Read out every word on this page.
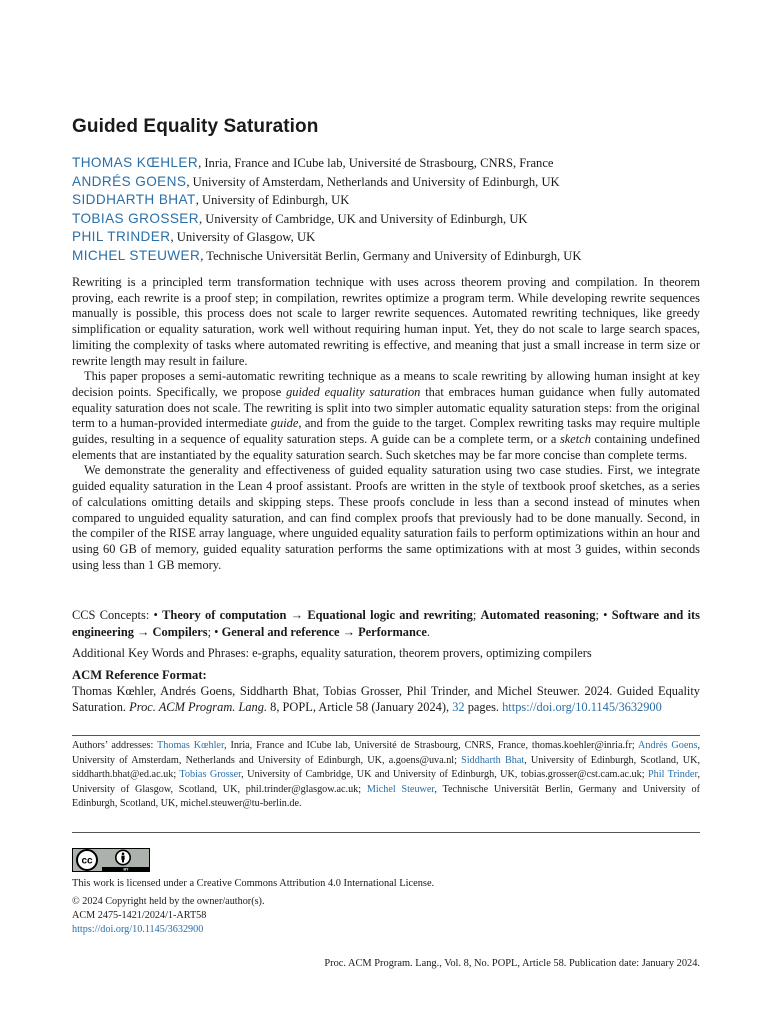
Guided Equality Saturation
THOMAS KŒHLER, Inria, France and ICube lab, Université de Strasbourg, CNRS, France
ANDRÉS GOENS, University of Amsterdam, Netherlands and University of Edinburgh, UK
SIDDHARTH BHAT, University of Edinburgh, UK
TOBIAS GROSSER, University of Cambridge, UK and University of Edinburgh, UK
PHIL TRINDER, University of Glasgow, UK
MICHEL STEUWER, Technische Universität Berlin, Germany and University of Edinburgh, UK

Rewriting is a principled term transformation technique with uses across theorem proving and compilation. In theorem proving, each rewrite is a proof step; in compilation, rewrites optimize a program term. While developing rewrite sequences manually is possible, this process does not scale to larger rewrite sequences. Automated rewriting techniques, like greedy simplification or equality saturation, work well without requiring human input. Yet, they do not scale to large search spaces, limiting the complexity of tasks where automated rewriting is effective, and meaning that just a small increase in term size or rewrite length may result in failure.

This paper proposes a semi-automatic rewriting technique as a means to scale rewriting by allowing human insight at key decision points. Specifically, we propose guided equality saturation that embraces human guidance when fully automated equality saturation does not scale. The rewriting is split into two simpler automatic equality saturation steps: from the original term to a human-provided intermediate guide, and from the guide to the target. Complex rewriting tasks may require multiple guides, resulting in a sequence of equality saturation steps. A guide can be a complete term, or a sketch containing undefined elements that are instantiated by the equality saturation search. Such sketches may be far more concise than complete terms.

We demonstrate the generality and effectiveness of guided equality saturation using two case studies. First, we integrate guided equality saturation in the Lean 4 proof assistant. Proofs are written in the style of textbook proof sketches, as a series of calculations omitting details and skipping steps. These proofs conclude in less than a second instead of minutes when compared to unguided equality saturation, and can find complex proofs that previously had to be done manually. Second, in the compiler of the RISE array language, where unguided equality saturation fails to perform optimizations within an hour and using 60 GB of memory, guided equality saturation performs the same optimizations with at most 3 guides, within seconds using less than 1 GB memory.

CCS Concepts: • Theory of computation → Equational logic and rewriting; Automated reasoning; • Software and its engineering → Compilers; • General and reference → Performance.
Additional Key Words and Phrases: e-graphs, equality saturation, theorem provers, optimizing compilers
ACM Reference Format:
Thomas Kœhler, Andrés Goens, Siddharth Bhat, Tobias Grosser, Phil Trinder, and Michel Steuwer. 2024. Guided Equality Saturation. Proc. ACM Program. Lang. 8, POPL, Article 58 (January 2024), 32 pages. https://doi.org/10.1145/3632900
Authors’ addresses: Thomas Kœhler, Inria, France and ICube lab, Université de Strasbourg, CNRS, France, thomas.koehler@inria.fr; Andrés Goens, University of Amsterdam, Netherlands and University of Edinburgh, UK, a.goens@uva.nl; Siddharth Bhat, University of Edinburgh, Scotland, UK, siddharth.bhat@ed.ac.uk; Tobias Grosser, University of Cambridge, UK and University of Edinburgh, UK, tobias.grosser@cst.cam.ac.uk; Phil Trinder, University of Glasgow, Scotland, UK, phil.trinder@glasgow.ac.uk; Michel Steuwer, Technische Universität Berlin, Germany and University of Edinburgh, Scotland, UK, michel.steuwer@tu-berlin.de.
cc
BY
This work is licensed under a Creative Commons Attribution 4.0 International License.
© 2024 Copyright held by the owner/author(s).
ACM 2475-1421/2024/1-ART58
https://doi.org/10.1145/3632900
Proc. ACM Program. Lang., Vol. 8, No. POPL, Article 58. Publication date: January 2024.
